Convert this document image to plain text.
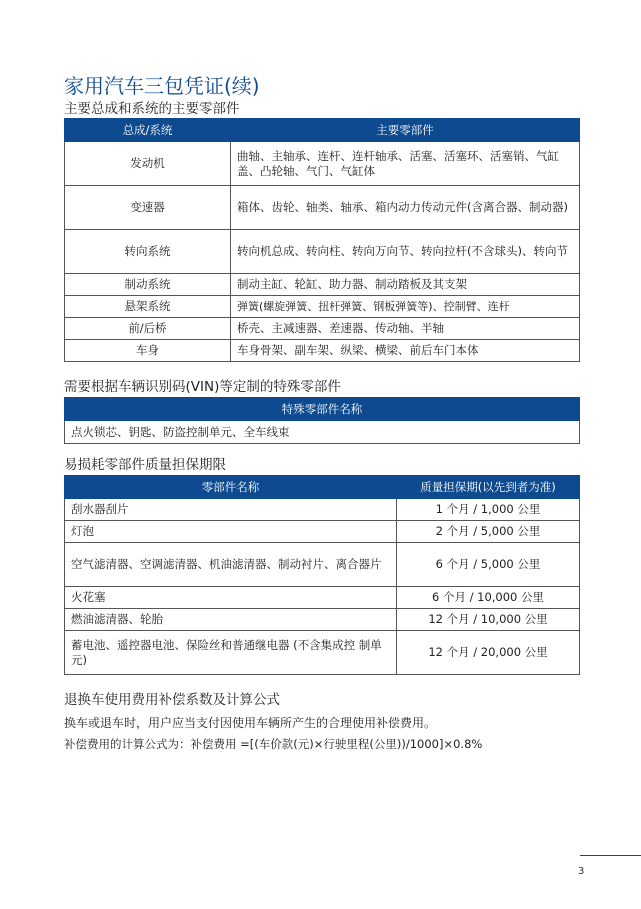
家用汽车三包凭证(续)
主要总成和系统的主要零部件
总成/系统	主要零部件
发动机	曲轴、主轴承、连杆、连杆轴承、活塞、活塞环、活塞销、气缸盖、凸轮轴、气门、气缸体
变速器	箱体、齿轮、轴类、轴承、箱内动力传动元件(含离合器、制动器)
转向系统	转向机总成、转向柱、转向万向节、转向拉杆(不含球头)、转向节
制动系统	制动主缸、轮缸、助力器、制动踏板及其支架
悬架系统	弹簧(螺旋弹簧、扭杆弹簧、钢板弹簧等)、控制臂、连杆
前/后桥	桥壳、主减速器、差速器、传动轴、半轴
车身	车身骨架、副车架、纵梁、横梁、前后车门本体
需要根据车辆识别码(VIN)等定制的特殊零部件
特殊零部件名称
点火锁芯、钥匙、防盗控制单元、全车线束
易损耗零部件质量担保期限
零部件名称	质量担保期(以先到者为准)
刮水器刮片	1 个月 / 1,000 公里
灯泡	2 个月 / 5,000 公里
空气滤清器、空调滤清器、机油滤清器、制动衬片、离合器片	6 个月 / 5,000 公里
火花塞	6 个月 / 10,000 公里
燃油滤清器、轮胎	12 个月 / 10,000 公里
蓄电池、遥控器电池、保险丝和普通继电器 (不含集成控 制单元)	12 个月 / 20,000 公里
退换车使用费用补偿系数及计算公式

换车或退车时，用户应当支付因使用车辆所产生的合理使用补偿费用。

补偿费用的计算公式为：补偿费用 =[(车价款(元)×行驶里程(公里))/1000]×0.8%

3
